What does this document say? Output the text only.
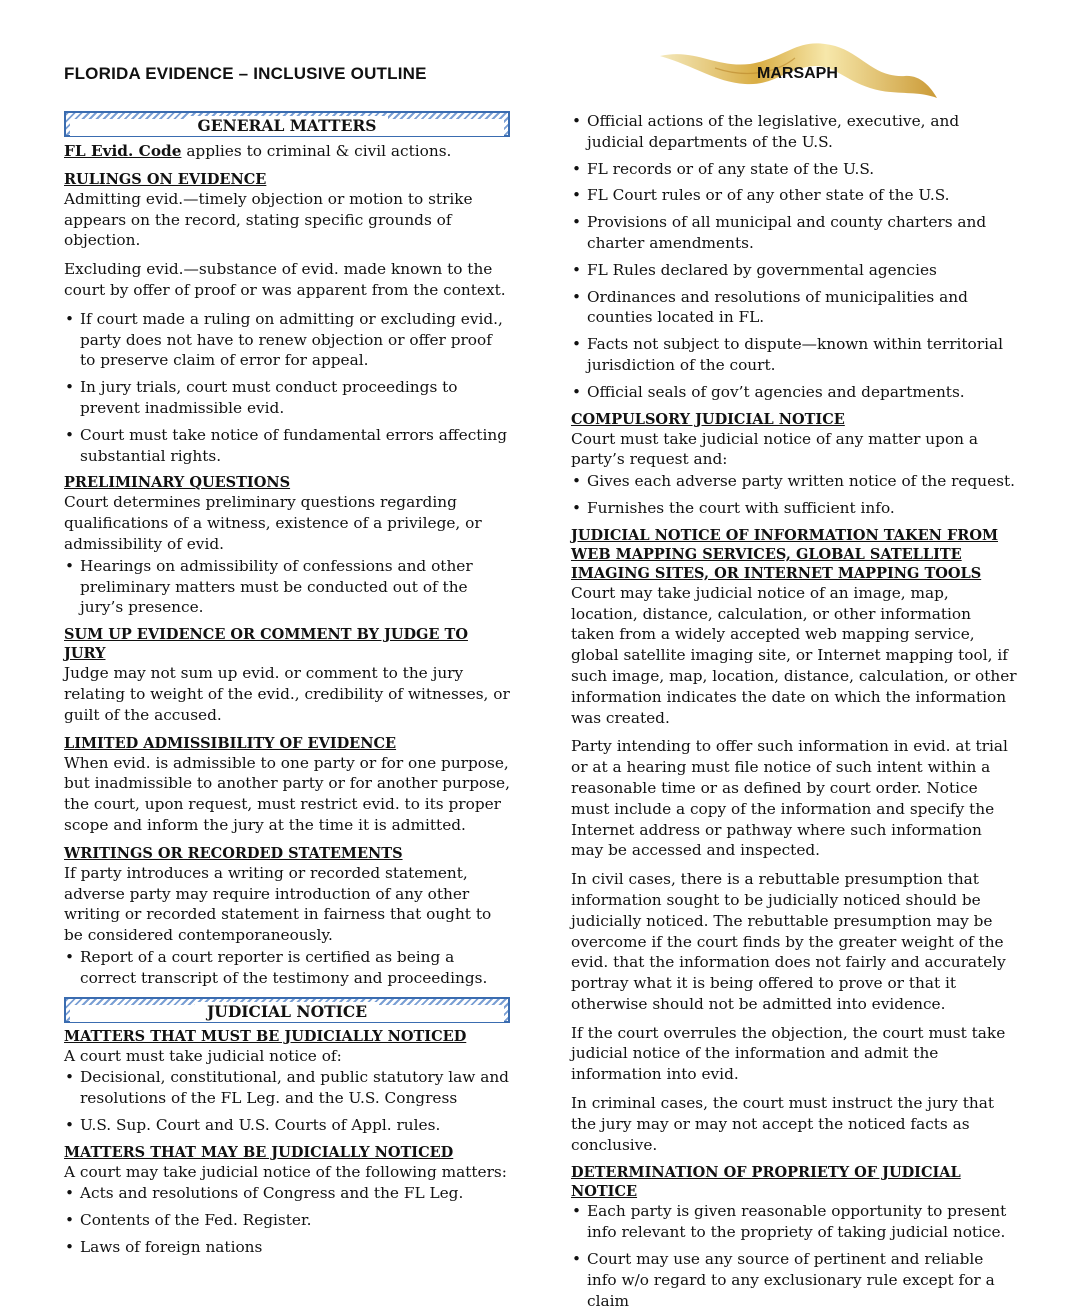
FLORIDA EVIDENCE – INCLUSIVE OUTLINE	MARSAPH
GENERAL MATTERS

FL Evid. Code applies to criminal & civil actions.

RULINGS ON EVIDENCE

Admitting evid.—timely objection or motion to strike appears on the record, stating specific grounds of objection.

Excluding evid.—substance of evid. made known to the court by offer of proof or was apparent from the context.

• If court made a ruling on admitting or excluding evid., party does not have to renew objection or offer proof to preserve claim of error for appeal.
• In jury trials, court must conduct proceedings to prevent inadmissible evid.
• Court must take notice of fundamental errors affecting substantial rights.
PRELIMINARY QUESTIONS

Court determines preliminary questions regarding qualifications of a witness, existence of a privilege, or admissibility of evid.

• Hearings on admissibility of confessions and other preliminary matters must be conducted out of the jury’s presence.
SUM UP EVIDENCE OR COMMENT BY JUDGE TO JURY

Judge may not sum up evid. or comment to the jury relating to weight of the evid., credibility of witnesses, or guilt of the accused.

LIMITED ADMISSIBILITY OF EVIDENCE

When evid. is admissible to one party or for one purpose, but inadmissible to another party or for another purpose, the court, upon request, must restrict evid. to its proper scope and inform the jury at the time it is admitted.

WRITINGS OR RECORDED STATEMENTS

If party introduces a writing or recorded statement, adverse party may require introduction of any other writing or recorded statement in fairness that ought to be considered contemporaneously.

• Report of a court reporter is certified as being a correct transcript of the testimony and proceedings.
JUDICIAL NOTICE
MATTERS THAT MUST BE JUDICIALLY NOTICED

A court must take judicial notice of:

• Decisional, constitutional, and public statutory law and resolutions of the FL Leg. and the U.S. Congress
• U.S. Sup. Court and U.S. Courts of Appl. rules.
MATTERS THAT MAY BE JUDICIALLY NOTICED

A court may take judicial notice of the following matters:

• Acts and resolutions of Congress and the FL Leg.
• Contents of the Fed. Register.
• Laws of foreign nations
• Official actions of the legislative, executive, and judicial departments of the U.S.
• FL records or of any state of the U.S.
• FL Court rules or of any other state of the U.S.
• Provisions of all municipal and county charters and charter amendments.
• FL Rules declared by governmental agencies
• Ordinances and resolutions of municipalities and counties located in FL.
• Facts not subject to dispute—known within territorial jurisdiction of the court.
• Official seals of gov’t agencies and departments.
COMPULSORY JUDICIAL NOTICE

Court must take judicial notice of any matter upon a party’s request and:

• Gives each adverse party written notice of the request.
• Furnishes the court with sufficient info.
JUDICIAL NOTICE OF INFORMATION TAKEN FROM WEB MAPPING SERVICES, GLOBAL SATELLITE IMAGING SITES, OR INTERNET MAPPING TOOLS

Court may take judicial notice of an image, map, location, distance, calculation, or other information taken from a widely accepted web mapping service, global satellite imaging site, or Internet mapping tool, if such image, map, location, distance, calculation, or other information indicates the date on which the information was created.

Party intending to offer such information in evid. at trial or at a hearing must file notice of such intent within a reasonable time or as defined by court order. Notice must include a copy of the information and specify the Internet address or pathway where such information may be accessed and inspected.

In civil cases, there is a rebuttable presumption that information sought to be judicially noticed should be judicially noticed. The rebuttable presumption may be overcome if the court finds by the greater weight of the evid. that the information does not fairly and accurately portray what it is being offered to prove or that it otherwise should not be admitted into evidence.

If the court overrules the objection, the court must take judicial notice of the information and admit the information into evid.

In criminal cases, the court must instruct the jury that the jury may or may not accept the noticed facts as conclusive.

DETERMINATION OF PROPRIETY OF JUDICIAL NOTICE
• Each party is given reasonable opportunity to present info relevant to the propriety of taking judicial notice.
• Court may use any source of pertinent and reliable info w/o regard to any exclusionary rule except for a claim
